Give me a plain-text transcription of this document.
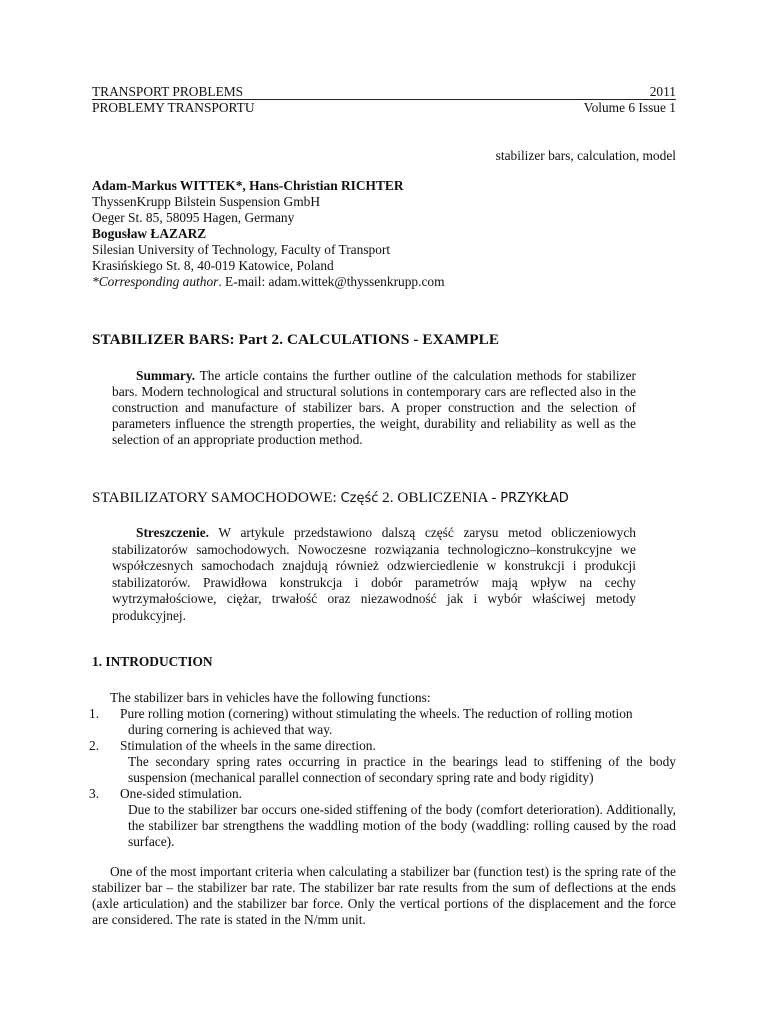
TRANSPORT PROBLEMS	2011
PROBLEMY TRANSPORTU	Volume 6 Issue 1
stabilizer bars, calculation, model
Adam-Markus WITTEK*, Hans-Christian RICHTER
ThyssenKrupp Bilstein Suspension GmbH
Oeger St. 85, 58095 Hagen, Germany
Bogusław ŁAZARZ
Silesian University of Technology, Faculty of Transport
Krasińskiego St. 8, 40-019 Katowice, Poland
*Corresponding author. E-mail: adam.wittek@thyssenkrupp.com
STABILIZER BARS: Part 2. CALCULATIONS - EXAMPLE
Summary. The article contains the further outline of the calculation methods for stabilizer bars. Modern technological and structural solutions in contemporary cars are reflected also in the construction and manufacture of stabilizer bars. A proper construction and the selection of parameters influence the strength properties, the weight, durability and reliability as well as the selection of an appropriate production method.
STABILIZATORY SAMOCHODOWE: Część 2. OBLICZENIA - PRZYKŁAD
Streszczenie. W artykule przedstawiono dalszą część zarysu metod obliczeniowych stabilizatorów samochodowych. Nowoczesne rozwiązania technologiczno–konstrukcyjne we współczesnych samochodach znajdują również odzwierciedlenie w konstrukcji i produkcji stabilizatorów. Prawidłowa konstrukcja i dobór parametrów mają wpływ na cechy wytrzymałościowe, ciężar, trwałość oraz niezawodność jak i wybór właściwej metody produkcyjnej.
1. INTRODUCTION
The stabilizer bars in vehicles have the following functions:
1. Pure rolling motion (cornering) without stimulating the wheels. The reduction of rolling motion
during cornering is achieved that way.
2. Stimulation of the wheels in the same direction.
The secondary spring rates occurring in practice in the bearings lead to stiffening of the body suspension (mechanical parallel connection of secondary spring rate and body rigidity)
3. One-sided stimulation.
Due to the stabilizer bar occurs one-sided stiffening of the body (comfort deterioration). Additionally, the stabilizer bar strengthens the waddling motion of the body (waddling: rolling caused by the road surface).
One of the most important criteria when calculating a stabilizer bar (function test) is the spring rate of the stabilizer bar – the stabilizer bar rate. The stabilizer bar rate results from the sum of deflections at the ends (axle articulation) and the stabilizer bar force. Only the vertical portions of the displacement and the force are considered. The rate is stated in the N/mm unit.
